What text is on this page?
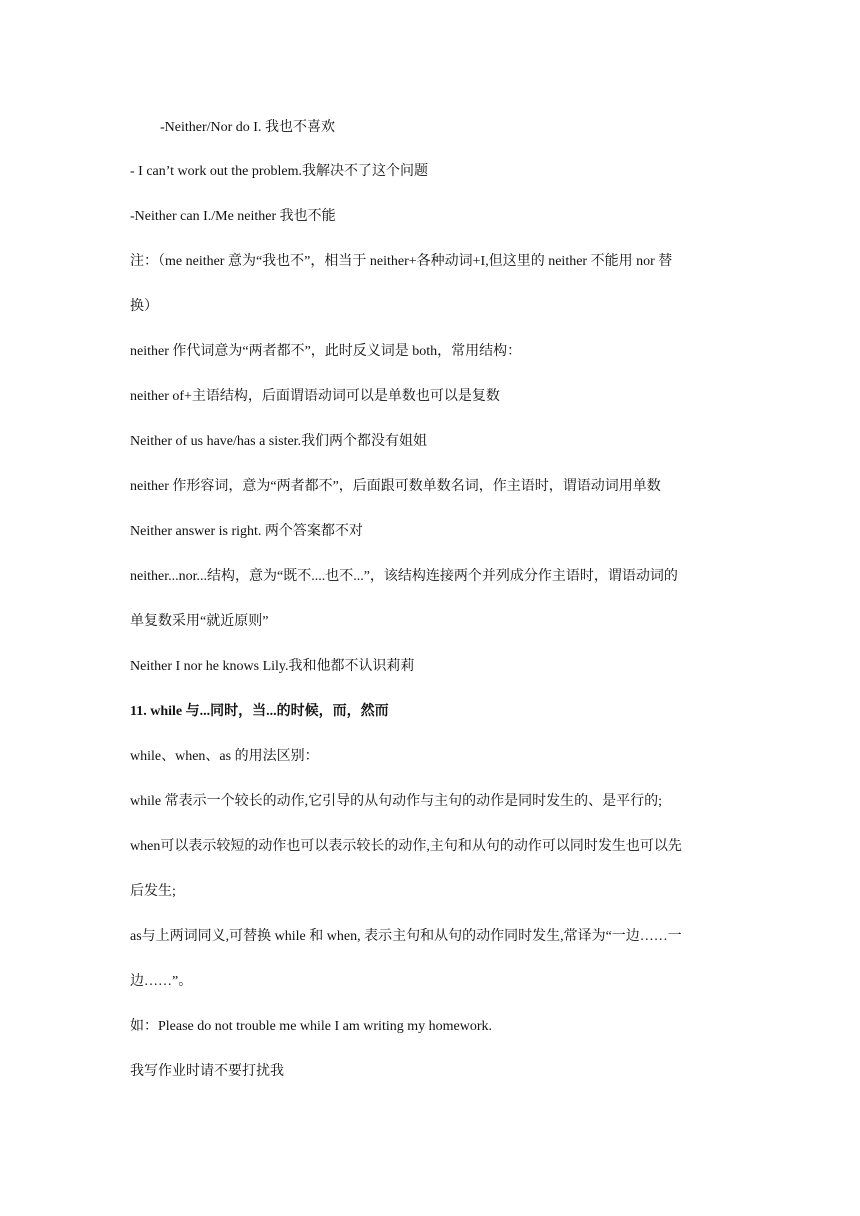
-Neither/Nor do I. 我也不喜欢
- I can’t work out the problem.我解决不了这个问题
-Neither can I./Me neither 我也不能
注：（me neither 意为“我也不”，相当于 neither+各种动词+I,但这里的 neither 不能用 nor 替
换）
neither 作代词意为“两者都不”，此时反义词是 both，常用结构：
neither of+主语结构，后面谓语动词可以是单数也可以是复数
Neither of us have/has a sister.我们两个都没有姐姐
neither 作形容词，意为“两者都不”，后面跟可数单数名词，作主语时，谓语动词用单数
Neither answer is right. 两个答案都不对
neither...nor...结构，意为“既不....也不...”，该结构连接两个并列成分作主语时，谓语动词的
单复数采用“就近原则”
Neither I nor he knows Lily.我和他都不认识莉莉
11. while 与...同时，当...的时候，而，然而
while、when、as 的用法区别：
while 常表示一个较长的动作,它引导的从句动作与主句的动作是同时发生的、是平行的;
when可以表示较短的动作也可以表示较长的动作,主句和从句的动作可以同时发生也可以先
后发生;
as与上两词同义,可替换 while 和 when, 表示主句和从句的动作同时发生,常译为“一边……一
边……”。
如：Please do not trouble me while I am writing my homework.
我写作业时请不要打扰我
